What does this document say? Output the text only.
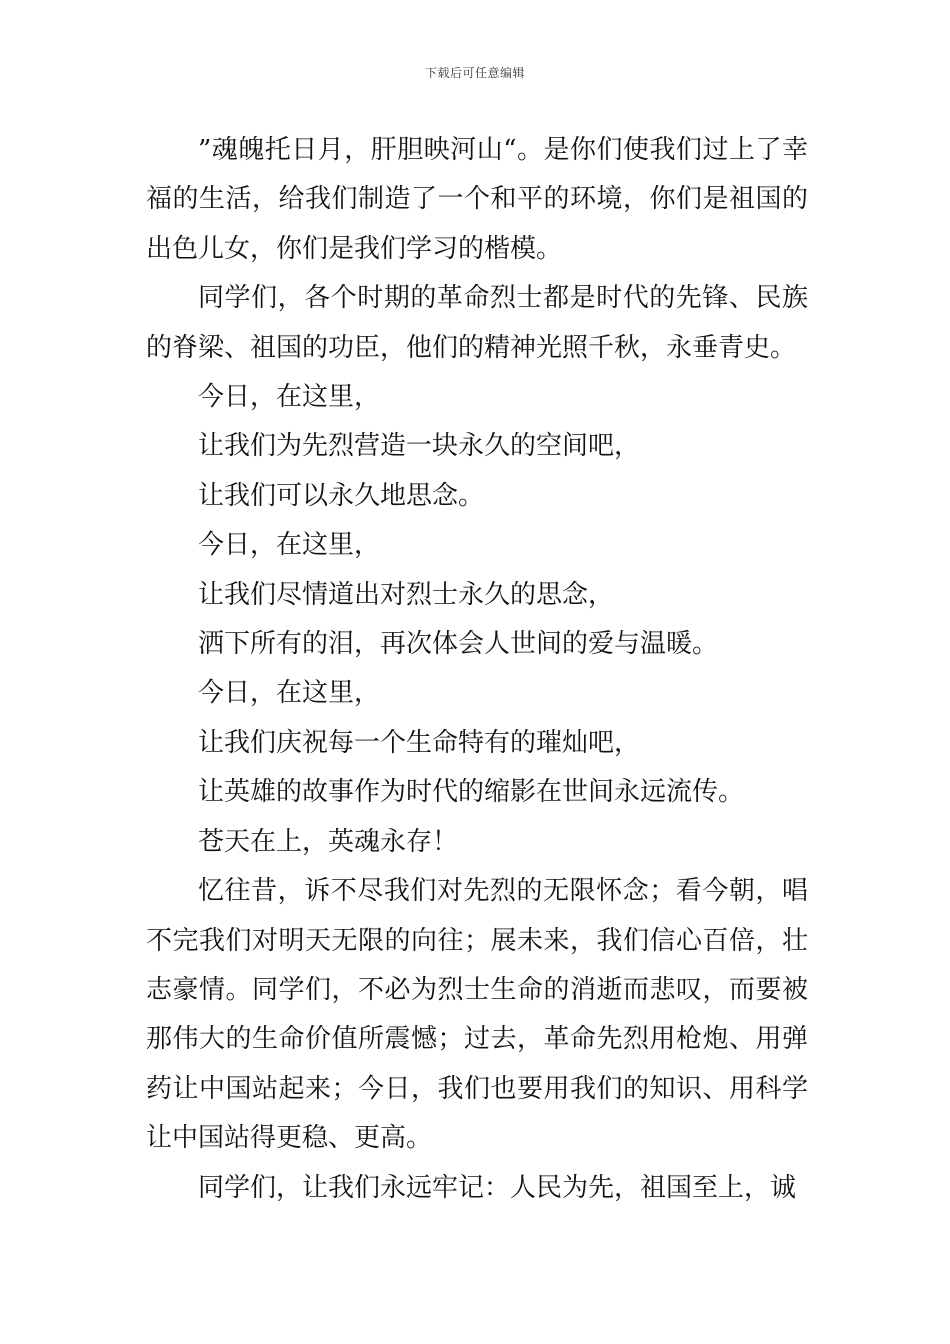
下载后可任意编辑

”魂魄托日月，肝胆映河山“。是你们使我们过上了幸福的生活，给我们制造了一个和平的环境，你们是祖国的出色儿女，你们是我们学习的楷模。

同学们，各个时期的革命烈士都是时代的先锋、民族的脊梁、祖国的功臣，他们的精神光照千秋，永垂青史。

今日，在这里，

让我们为先烈营造一块永久的空间吧，

让我们可以永久地思念。

今日，在这里，

让我们尽情道出对烈士永久的思念，

洒下所有的泪，再次体会人世间的爱与温暖。

今日，在这里，

让我们庆祝每一个生命特有的璀灿吧，

让英雄的故事作为时代的缩影在世间永远流传。

苍天在上，英魂永存！

忆往昔，诉不尽我们对先烈的无限怀念；看今朝，唱不完我们对明天无限的向往；展未来，我们信心百倍，壮志豪情。同学们，不必为烈士生命的消逝而悲叹，而要被那伟大的生命价值所震憾；过去，革命先烈用枪炮、用弹药让中国站起来；今日，我们也要用我们的知识、用科学让中国站得更稳、更高。

同学们，让我们永远牢记：人民为先，祖国至上，诚
